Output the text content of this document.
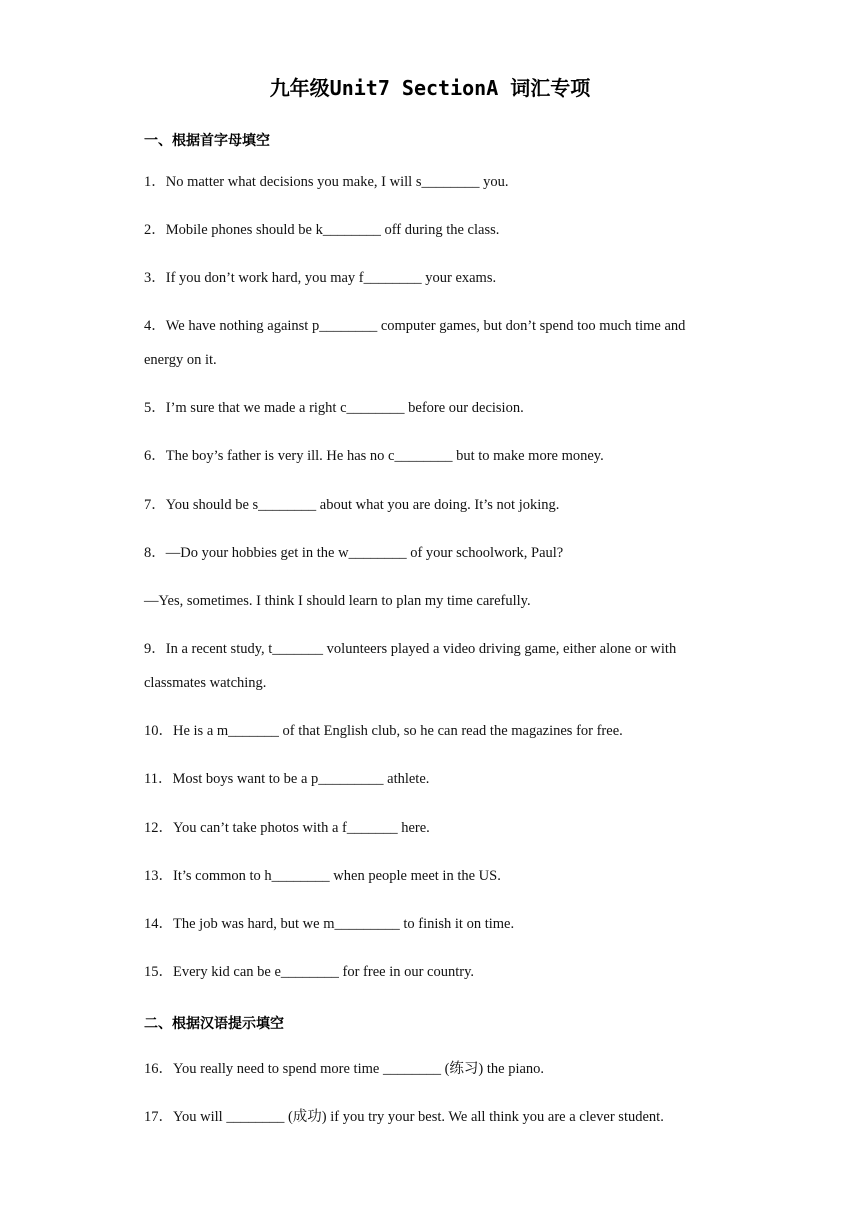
九年级Unit7 SectionA 词汇专项
一、根据首字母填空
1．No matter what decisions you make, I will s________ you.
2．Mobile phones should be k________ off during the class.
3．If you don’t work hard, you may f________ your exams.
4．We have nothing against p________ computer games, but don’t spend too much time and
energy on it.
5．I’m sure that we made a right c________ before our decision.
6．The boy’s father is very ill. He has no c________ but to make more money.
7．You should be s________ about what you are doing. It’s not joking.
8．—Do your hobbies get in the w________ of your schoolwork, Paul?
—Yes, sometimes. I think I should learn to plan my time carefully.
9．In a recent study, t_______ volunteers played a video driving game, either alone or with
classmates watching.
10．He is a m_______ of that English club, so he can read the magazines for free.
11．Most boys want to be a p_________ athlete.
12．You can’t take photos with a f_______ here.
13．It’s common to h________ when people meet in the US.
14．The job was hard, but we m_________ to finish it on time.
15．Every kid can be e________ for free in our country.
二、根据汉语提示填空
16．You really need to spend more time ________ (练习) the piano.
17．You will ________ (成功) if you try your best. We all think you are a clever student.
